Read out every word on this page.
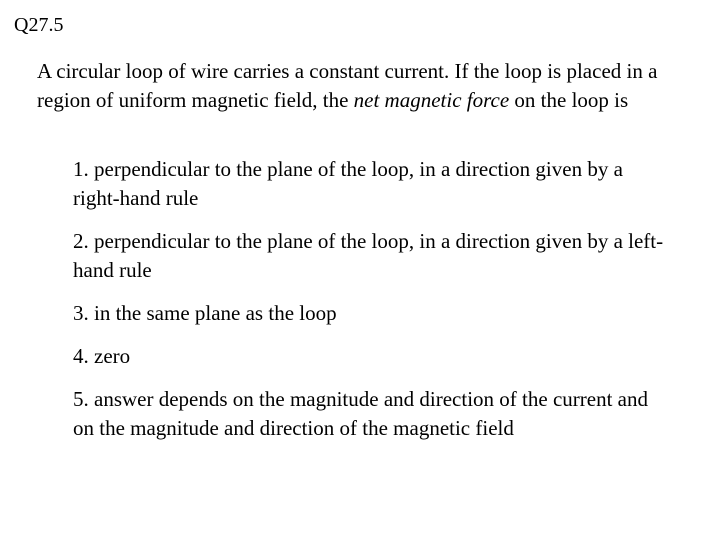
Q27.5

A circular loop of wire carries a constant current. If the loop is placed in a region of uniform magnetic field, the net magnetic force on the loop is

1. perpendicular to the plane of the loop, in a direction given by a right-hand rule
2. perpendicular to the plane of the loop, in a direction given by a left-hand rule
3. in the same plane as the loop
4. zero
5. answer depends on the magnitude and direction of the current and on the magnitude and direction of the magnetic field
